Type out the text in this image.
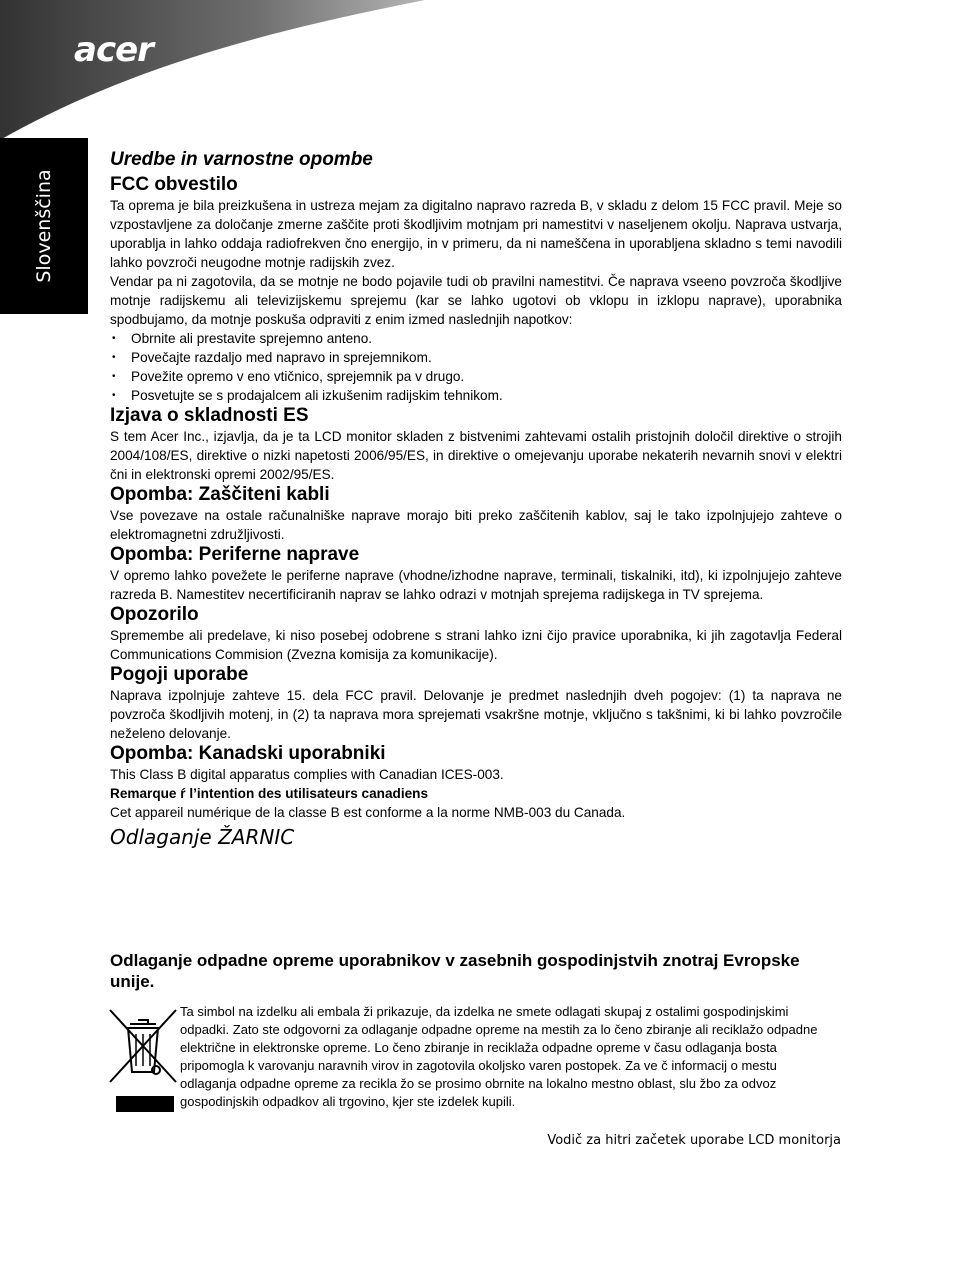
acer
Slovenščina
Uredbe in varnostne opombe
FCC obvestilo

Ta oprema je bila preizkušena in ustreza mejam za digitalno napravo razreda B, v skladu z delom 15 FCC pravil. Meje so vzpostavljene za določanje zmerne zaščite proti škodljivim motnjam pri namestitvi v naseljenem okolju. Naprava ustvarja, uporablja in lahko oddaja radiofrekven čno energijo, in v primeru, da ni nameščena in uporabljena skladno s temi navodili lahko povzroči neugodne motnje radijskih zvez.

Vendar pa ni zagotovila, da se motnje ne bodo pojavile tudi ob pravilni namestitvi. Če naprava vseeno povzroča škodljive motnje radijskemu ali televizijskemu sprejemu (kar se lahko ugotovi ob vklopu in izklopu naprave), uporabnika spodbujamo, da motnje poskuša odpraviti z enim izmed naslednjih napotkov:

• Obrnite ali prestavite sprejemno anteno.
• Povečajte razdaljo med napravo in sprejemnikom.
• Povežite opremo v eno vtičnico, sprejemnik pa v drugo.
• Posvetujte se s prodajalcem ali izkušenim radijskim tehnikom.
Izjava o skladnosti ES

S tem Acer Inc., izjavlja, da je ta LCD monitor skladen z bistvenimi zahtevami ostalih pristojnih določil direktive o strojih 2004/108/ES, direktive o nizki napetosti 2006/95/ES, in direktive o omejevanju uporabe nekaterih nevarnih snovi v elektri čni in elektronski opremi 2002/95/ES.

Opomba: Zaščiteni kabli

Vse povezave na ostale računalniške naprave morajo biti preko zaščitenih kablov, saj le tako izpolnjujejo zahteve o elektromagnetni združljivosti.

Opomba: Periferne naprave

V opremo lahko povežete le periferne naprave (vhodne/izhodne naprave, terminali, tiskalniki, itd), ki izpolnjujejo zahteve razreda B. Namestitev necertificiranih naprav se lahko odrazi v motnjah sprejema radijskega in TV sprejema.

Opozorilo

Spremembe ali predelave, ki niso posebej odobrene s strani lahko izni čijo pravice uporabnika, ki jih zagotavlja Federal Communications Commision (Zvezna komisija za komunikacije).

Pogoji uporabe

Naprava izpolnjuje zahteve 15. dela FCC pravil. Delovanje je predmet naslednjih dveh pogojev: (1) ta naprava ne povzroča škodljivih motenj, in (2) ta naprava mora sprejemati vsakršne motnje, vključno s takšnimi, ki bi lahko povzročile neželeno delovanje.

Opomba: Kanadski uporabniki

This Class B digital apparatus complies with Canadian ICES-003.

Remarque ŕ l’intention des utilisateurs canadiens

Cet appareil numérique de la classe B est conforme a la norme NMB-003 du Canada.

Odlaganje ŽARNIC
Odlaganje odpadne opreme uporabnikov v zasebnih gospodinjstvih znotraj Evropske unije.
Ta simbol na izdelku ali embala ži prikazuje, da izdelka ne smete odlagati skupaj z ostalimi gospodinjskimi odpadki. Zato ste odgovorni za odlaganje odpadne opreme na mestih za lo čeno zbiranje ali reciklažo odpadne električne in elektronske opreme. Lo čeno zbiranje in reciklaža odpadne opreme v času odlaganja bosta pripomogla k varovanju naravnih virov in zagotovila okoljsko varen postopek. Za ve č informacij o mestu odlaganja odpadne opreme za recikla žo se prosimo obrnite na lokalno mestno oblast, slu žbo za odvoz gospodinjskih odpadkov ali trgovino, kjer ste izdelek kupili.
Vodič za hitri začetek uporabe LCD monitorja
